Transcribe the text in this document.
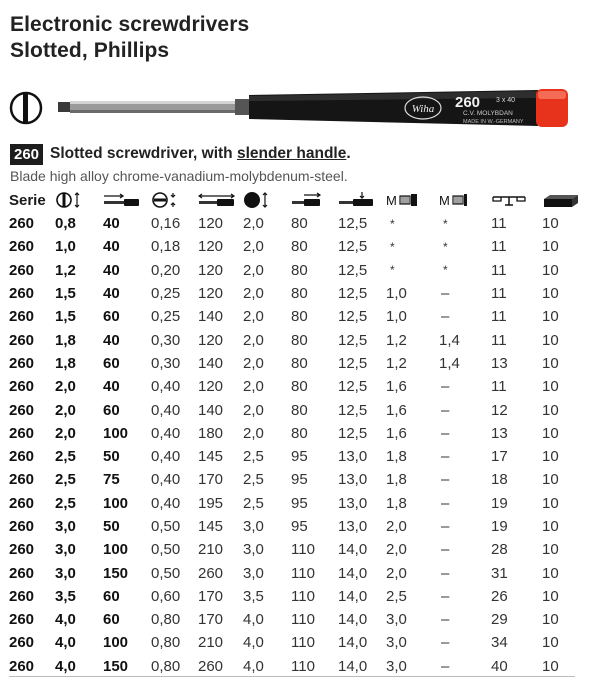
Electronic screwdrivers
Slotted, Phillips
Wiha 260 3 x 40
C.V. MOLYBDAN
MADE IN W.-GERMANY
260 Slotted screwdriver, with slender handle.
Blade high alloy chrome-vanadium-molybdenum-steel.
Serie								M	M

260	0,8	40	0,16	120	2,0	80	12,5	*	*	11	10
260	1,0	40	0,18	120	2,0	80	12,5	*	*	11	10
260	1,2	40	0,20	120	2,0	80	12,5	*	*	11	10
260	1,5	40	0,25	120	2,0	80	12,5	1,0	–	11	10
260	1,5	60	0,25	140	2,0	80	12,5	1,0	–	11	10
260	1,8	40	0,30	120	2,0	80	12,5	1,2	1,4	11	10
260	1,8	60	0,30	140	2,0	80	12,5	1,2	1,4	13	10
260	2,0	40	0,40	120	2,0	80	12,5	1,6	–	11	10
260	2,0	60	0,40	140	2,0	80	12,5	1,6	–	12	10
260	2,0	100	0,40	180	2,0	80	12,5	1,6	–	13	10
260	2,5	50	0,40	145	2,5	95	13,0	1,8	–	17	10
260	2,5	75	0,40	170	2,5	95	13,0	1,8	–	18	10
260	2,5	100	0,40	195	2,5	95	13,0	1,8	–	19	10
260	3,0	50	0,50	145	3,0	95	13,0	2,0	–	19	10
260	3,0	100	0,50	210	3,0	110	14,0	2,0	–	28	10
260	3,0	150	0,50	260	3,0	110	14,0	2,0	–	31	10
260	3,5	60	0,60	170	3,5	110	14,0	2,5	–	26	10
260	4,0	60	0,80	170	4,0	110	14,0	3,0	–	29	10
260	4,0	100	0,80	210	4,0	110	14,0	3,0	–	34	10
260	4,0	150	0,80	260	4,0	110	14,0	3,0	–	40	10
